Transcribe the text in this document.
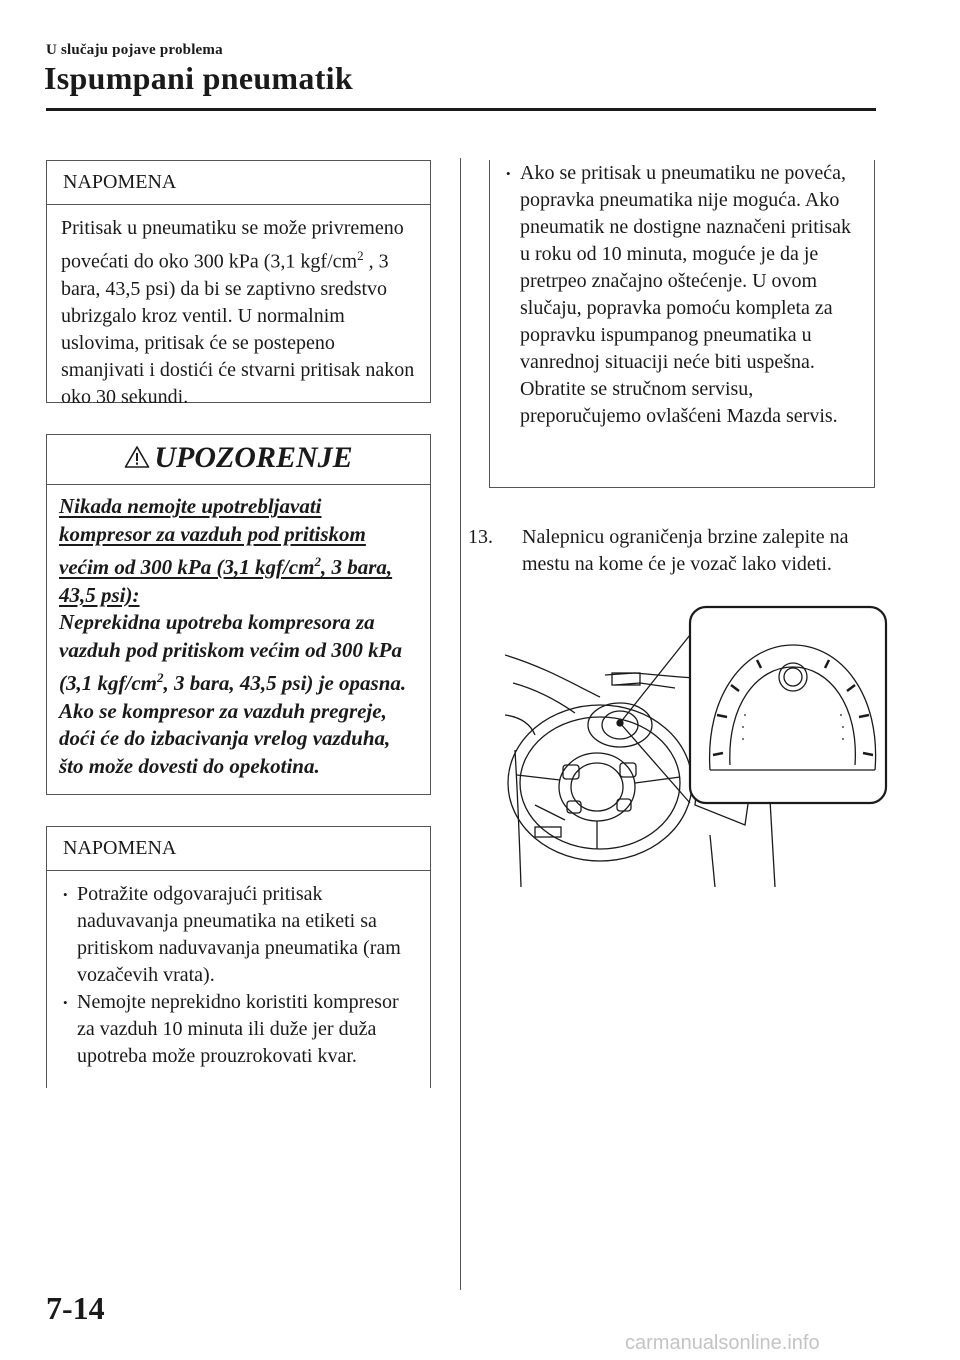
U slučaju pojave problema
Ispumpani pneumatik
NAPOMENA
Pritisak u pneumatiku se može privremeno povećati do oko 300 kPa (3,1 kgf/$cm^2$ , 3 bara, 43,5 psi) da bi se zaptivno sredstvo ubrizgalo kroz ventil. U normalnim uslovima, pritisak će se postepeno smanjivati i dostići će stvarni pritisak nakon oko 30 sekundi.
UPOZORENJE
Nikada nemojte upotrebljavati kompresor za vazduh pod pritiskom većim od 300 kPa (3,1 kgf/$cm^2$, 3 bara, 43,5 psi):
Neprekidna upotreba kompresora za vazduh pod pritiskom većim od 300 kPa (3,1 kgf/$cm^2$, 3 bara, 43,5 psi) je opasna. Ako se kompresor za vazduh pregreje, doći će do izbacivanja vrelog vazduha, što može dovesti do opekotina.
NAPOMENA
• Potražite odgovarajući pritisak naduvavanja pneumatika na etiketi sa pritiskom naduvavanja pneumatika (ram vozačevih vrata).
• Nemojte neprekidno koristiti kompresor za vazduh 10 minuta ili duže jer duža upotreba može prouzrokovati kvar.
• Ako se pritisak u pneumatiku ne poveća, popravka pneumatika nije moguća. Ako pneumatik ne dostigne naznačeni pritisak u roku od 10 minuta, moguće je da je pretrpeo značajno oštećenje. U ovom slučaju, popravka pomoću kompleta za popravku ispumpanog pneumatika u vanrednoj situaciji neće biti uspešna. Obratite se stručnom servisu, preporučujemo ovlašćeni Mazda servis.
13.	Nalepnicu ograničenja brzine zalepite na mestu na kome će je vozač lako videti.
7-14
carmanualsonline.info
